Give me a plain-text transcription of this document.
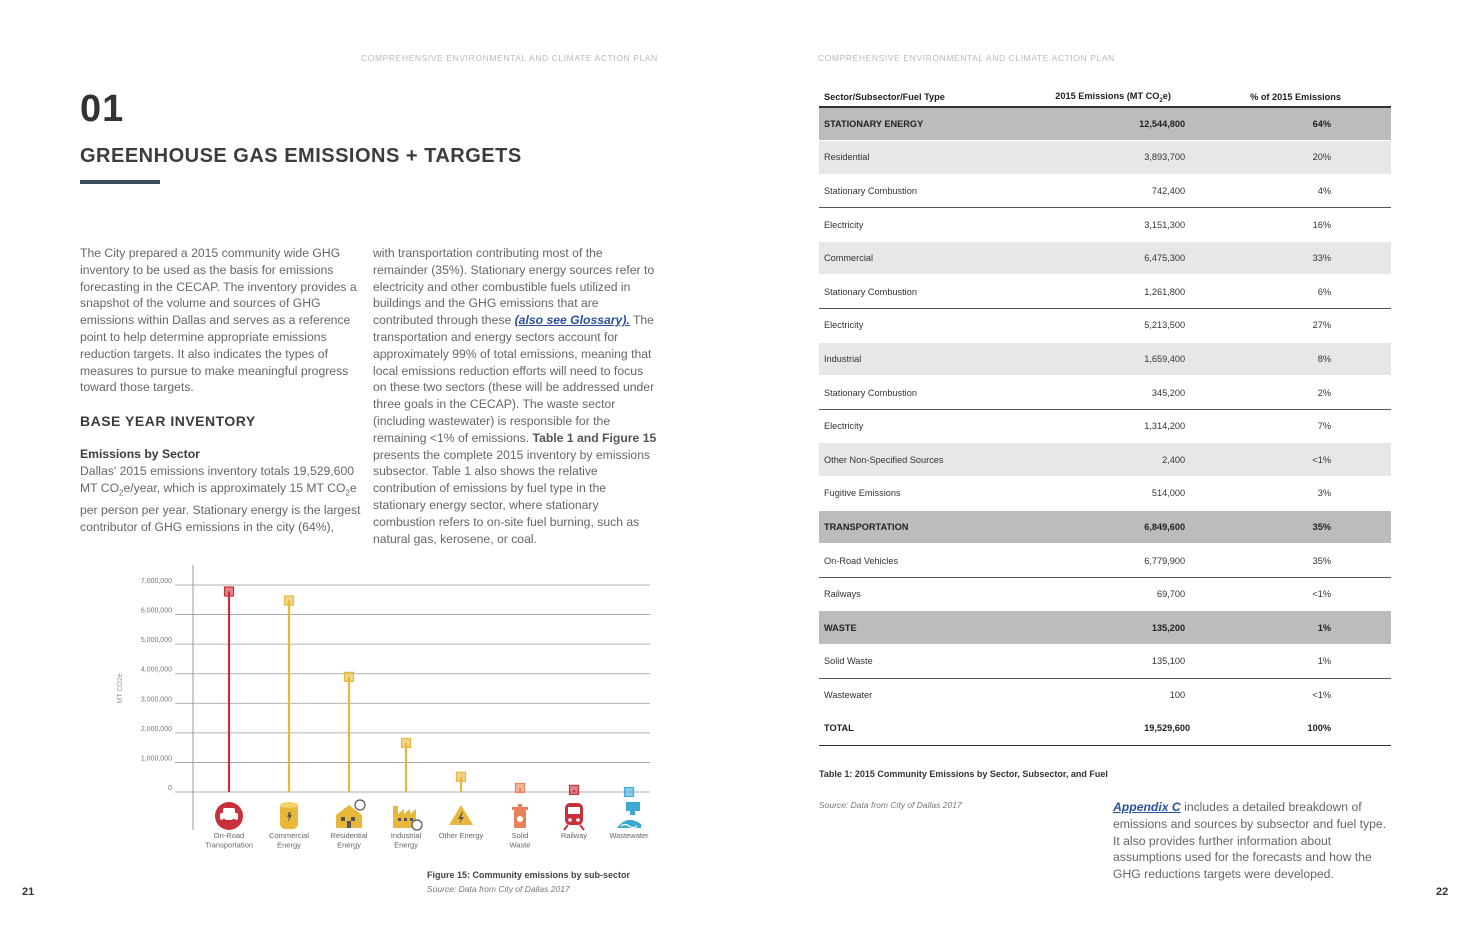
COMPREHENSIVE ENVIRONMENTAL AND CLIMATE ACTION PLAN
21
01
GREENHOUSE GAS EMISSIONS + TARGETS

The City prepared a 2015 community wide GHG inventory to be used as the basis for emissions forecasting in the CECAP. The inventory provides a snapshot of the volume and sources of GHG emissions within Dallas and serves as a reference point to help determine appropriate emissions reduction targets. It also indicates the types of measures to pursue to make meaningful progress toward those targets.

BASE YEAR INVENTORY

Emissions by Sector
Dallas' 2015 emissions inventory totals 19,529,600 MT $CO_2e$/year, which is approximately 15 MT $CO_2e$ per person per year. Stationary energy is the largest contributor of GHG emissions in the city (64%),

with transportation contributing most of the remainder (35%). Stationary energy sources refer to electricity and other combustible fuels utilized in buildings and the GHG emissions that are contributed through these (also see Glossary). The transportation and energy sectors account for approximately 99% of total emissions, meaning that local emissions reduction efforts will need to focus on these two sectors (these will be addressed under three goals in the CECAP). The waste sector (including wastewater) is responsible for the remaining <1% of emissions. Table 1 and Figure 15 presents the complete 2015 inventory by emissions subsector. Table 1 also shows the relative contribution of emissions by fuel type in the stationary energy sector, where stationary combustion refers to on-site fuel burning, such as natural gas, kerosene, or coal.

7,000,000
6,000,000
5,000,000
4,000,000
3,000,000
2,000,000
1,000,000
0
MT CO2e
On-Road Transportation
Commercial Energy
Residential Energy
Industrial Energy
Other Energy	Solid Waste
Railway	Wastewater
Figure 15: Community emissions by sub-sector
Source: Data from City of Dallas 2017
COMPREHENSIVE ENVIRONMENTAL AND CLIMATE ACTION PLAN
22
Sector/Subsector/Fuel Type	2015 Emissions (MT $CO_2e$)	% of 2015 Emissions
STATIONARY ENERGY	12,544,800	64%
Residential	3,893,700	20%
Stationary Combustion	742,400	4%
Electricity	3,151,300	16%
Commercial	6,475,300	33%
Stationary Combustion	1,261,800	6%
Electricity	5,213,500	27%
Industrial	1,659,400	8%
Stationary Combustion	345,200	2%
Electricity	1,314,200	7%
Other Non-Specified Sources	2,400	<1%
Fugitive Emissions	514,000	3%
TRANSPORTATION	6,849,600	35%
On-Road Vehicles	6,779,900	35%
Railways	69,700	<1%
WASTE	135,200	1%
Solid Waste	135,100	1%
Wastewater	100	<1%
TOTAL	19,529,600	100%
Table 1: 2015 Community Emissions by Sector, Subsector, and Fuel
Source: Data from City of Dallas 2017	Appendix C includes a detailed breakdown of emissions and sources by subsector and fuel type. It also provides further information about assumptions used for the forecasts and how the GHG reductions targets were developed.
